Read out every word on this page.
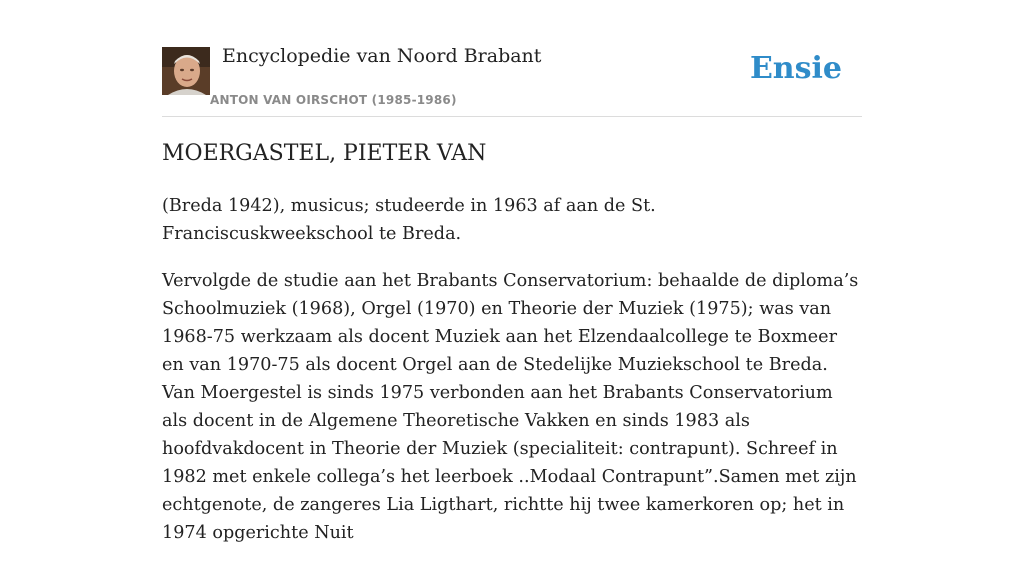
Encyclopedie van Noord Brabant
ANTON VAN OIRSCHOT (1985-1986)
Ensie
MOERGASTEL, PIETER VAN

(Breda 1942), musicus; studeerde in 1963 af aan de St. Franciscuskweekschool te Breda.

Vervolgde de studie aan het Brabants Conservatorium: behaalde de diploma’s Schoolmuziek (1968), Orgel (1970) en Theorie der Muziek (1975); was van 1968-75 werkzaam als docent Muziek aan het Elzendaalcollege te Boxmeer en van 1970-75 als docent Orgel aan de Stedelijke Muziekschool te Breda. Van Moergestel is sinds 1975 verbonden aan het Brabants Conservatorium als docent in de Algemene Theoretische Vakken en sinds 1983 als hoofdvakdocent in Theorie der Muziek (specialiteit: contrapunt). Schreef in 1982 met enkele collega’s het leerboek ..Modaal Contrapunt”.Samen met zijn echtgenote, de zangeres Lia Ligthart, richtte hij twee kamerkoren op; het in 1974 opgerichte Nuit
